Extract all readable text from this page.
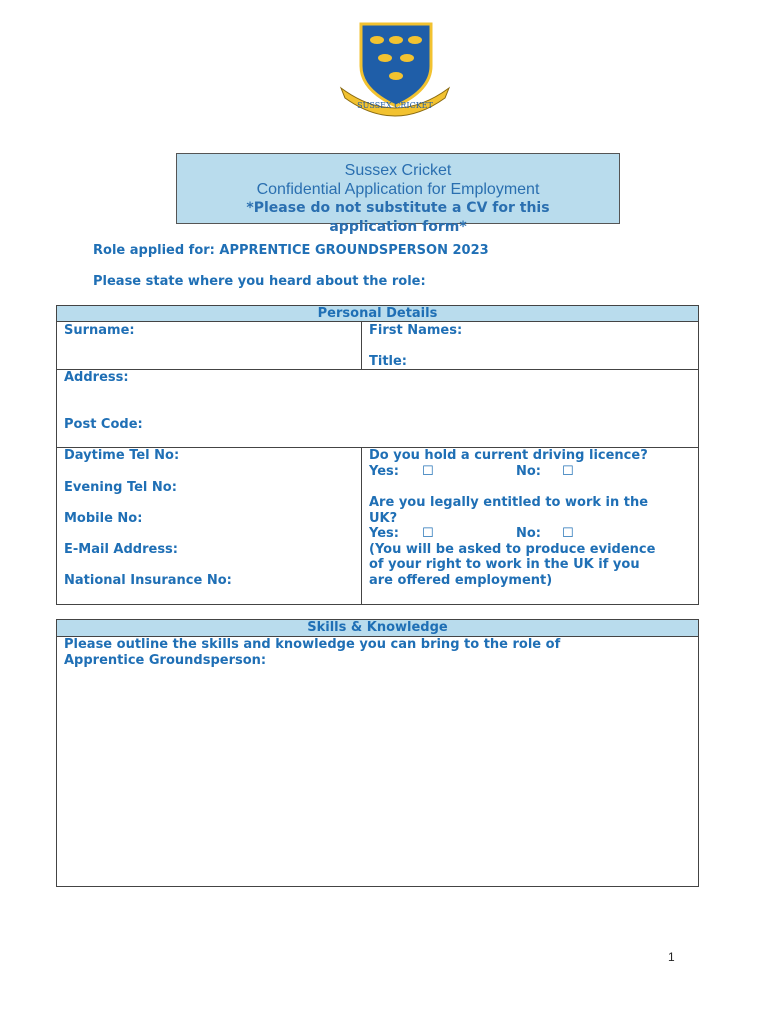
SUSSEX CRICKET
Sussex Cricket
Confidential Application for Employment
*Please do not substitute a CV for this
application form*
Role applied for: APPRENTICE GROUNDSPERSON 2023
Please state where you heard about the role:
Personal Details
Surname:	First Names:
Title:
Address:
Post Code:
Daytime Tel No:
Evening Tel No:
Mobile No:
E-Mail Address:
National Insurance No:
Do you hold a current driving licence?
Yes: ☐	No: ☐
Are you legally entitled to work in the
UK?
Yes: ☐	No: ☐
(You will be asked to produce evidence
of your right to work in the UK if you
are offered employment)
Skills & Knowledge
Please outline the skills and knowledge you can bring to the role of
Apprentice Groundsperson:
1
